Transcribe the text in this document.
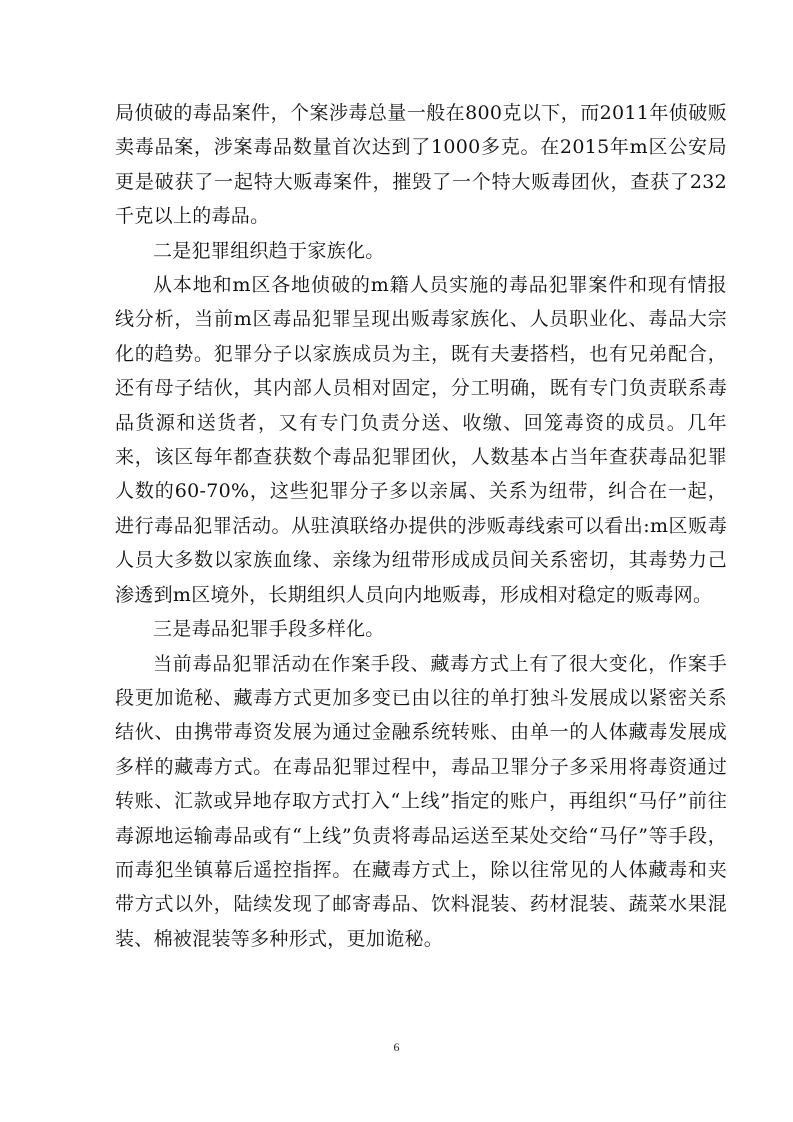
局侦破的毒品案件，个案涉毒总量一般在800克以下，而2011年侦破贩卖毒品案，涉案毒品数量首次达到了1000多克。在2015年m区公安局更是破获了一起特大贩毒案件，摧毁了一个特大贩毒团伙，查获了232千克以上的毒品。

二是犯罪组织趋于家族化。

从本地和m区各地侦破的m籍人员实施的毒品犯罪案件和现有情报线分析，当前m区毒品犯罪呈现出贩毒家族化、人员职业化、毒品大宗化的趋势。犯罪分子以家族成员为主，既有夫妻搭档，也有兄弟配合，还有母子结伙，其内部人员相对固定，分工明确，既有专门负责联系毒品货源和送货者，又有专门负责分送、收缴、回笼毒资的成员。几年来，该区每年都查获数个毒品犯罪团伙，人数基本占当年查获毒品犯罪人数的60-70%，这些犯罪分子多以亲属、关系为纽带，纠合在一起，进行毒品犯罪活动。从驻滇联络办提供的涉贩毒线索可以看出:m区贩毒人员大多数以家族血缘、亲缘为纽带形成成员间关系密切，其毒势力己渗透到m区境外，长期组织人员向内地贩毒，形成相对稳定的贩毒网。

三是毒品犯罪手段多样化。

当前毒品犯罪活动在作案手段、藏毒方式上有了很大变化，作案手段更加诡秘、藏毒方式更加多变已由以往的单打独斗发展成以紧密关系结伙、由携带毒资发展为通过金融系统转账、由单一的人体藏毒发展成多样的藏毒方式。在毒品犯罪过程中，毒品卫罪分子多采用将毒资通过转账、汇款或异地存取方式打入“上线”指定的账户，再组织“马仔”前往毒源地运输毒品或有“上线”负责将毒品运送至某处交给“马仔”等手段，而毒犯坐镇幕后遥控指挥。在藏毒方式上，除以往常见的人体藏毒和夹带方式以外，陆续发现了邮寄毒品、饮料混装、药材混装、蔬菜水果混装、棉被混装等多种形式，更加诡秘。

6
